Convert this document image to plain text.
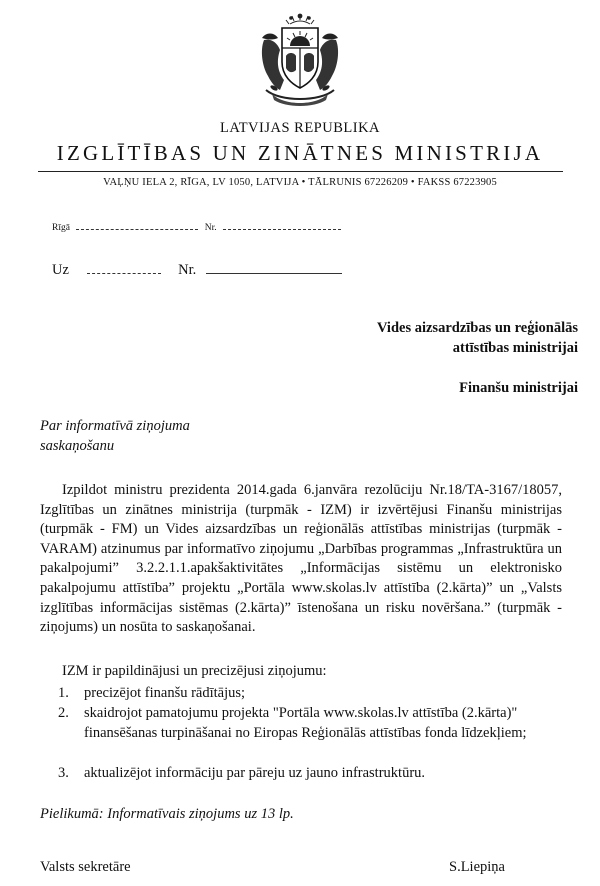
LATVIJAS REPUBLIKA
IZGLĪTĪBAS UN ZINĀTNES MINISTRIJA
VAĻŅU IELA 2, RĪGA, LV 1050, LATVIJA • TĀLRUNIS 67226209 • FAKSS 67223905
Rīgā	Nr.
Uz	Nr.
Vides aizsardzības un reģionālās
attīstības ministrijai
Finanšu ministrijai
Par informatīvā ziņojuma
saskaņošanu

Izpildot ministru prezidenta 2014.gada 6.janvāra rezolūciju Nr.18/TA-3167/18057, Izglītības un zinātnes ministrija (turpmāk - IZM) ir izvērtējusi Finanšu ministrijas (turpmāk - FM) un Vides aizsardzības un reģionālās attīstības ministrijas (turpmāk - VARAM) atzinumus par informatīvo ziņojumu „Darbības programmas „Infrastruktūra un pakalpojumi” 3.2.2.1.1.apakšaktivitātes „Informācijas sistēmu un elektronisko pakalpojumu attīstība” projektu „Portāla www.skolas.lv attīstība (2.kārta)” un „Valsts izglītības informācijas sistēmas (2.kārta)” īstenošana un risku novēršana.” (turpmāk - ziņojums) un nosūta to saskaņošanai.

IZM ir papildinājusi un precizējusi ziņojumu:
1. precizējot finanšu rādītājus;
2. skaidrojot pamatojumu projekta "Portāla www.skolas.lv attīstība (2.kārta)" finansēšanas turpināšanai no Eiropas Reģionālās attīstības fonda līdzekļiem;
3. aktualizējot informāciju par pāreju uz jauno infrastruktūru.
Pielikumā: Informatīvais ziņojums uz 13 lp.
Valsts sekretāre	S.Liepiņa
